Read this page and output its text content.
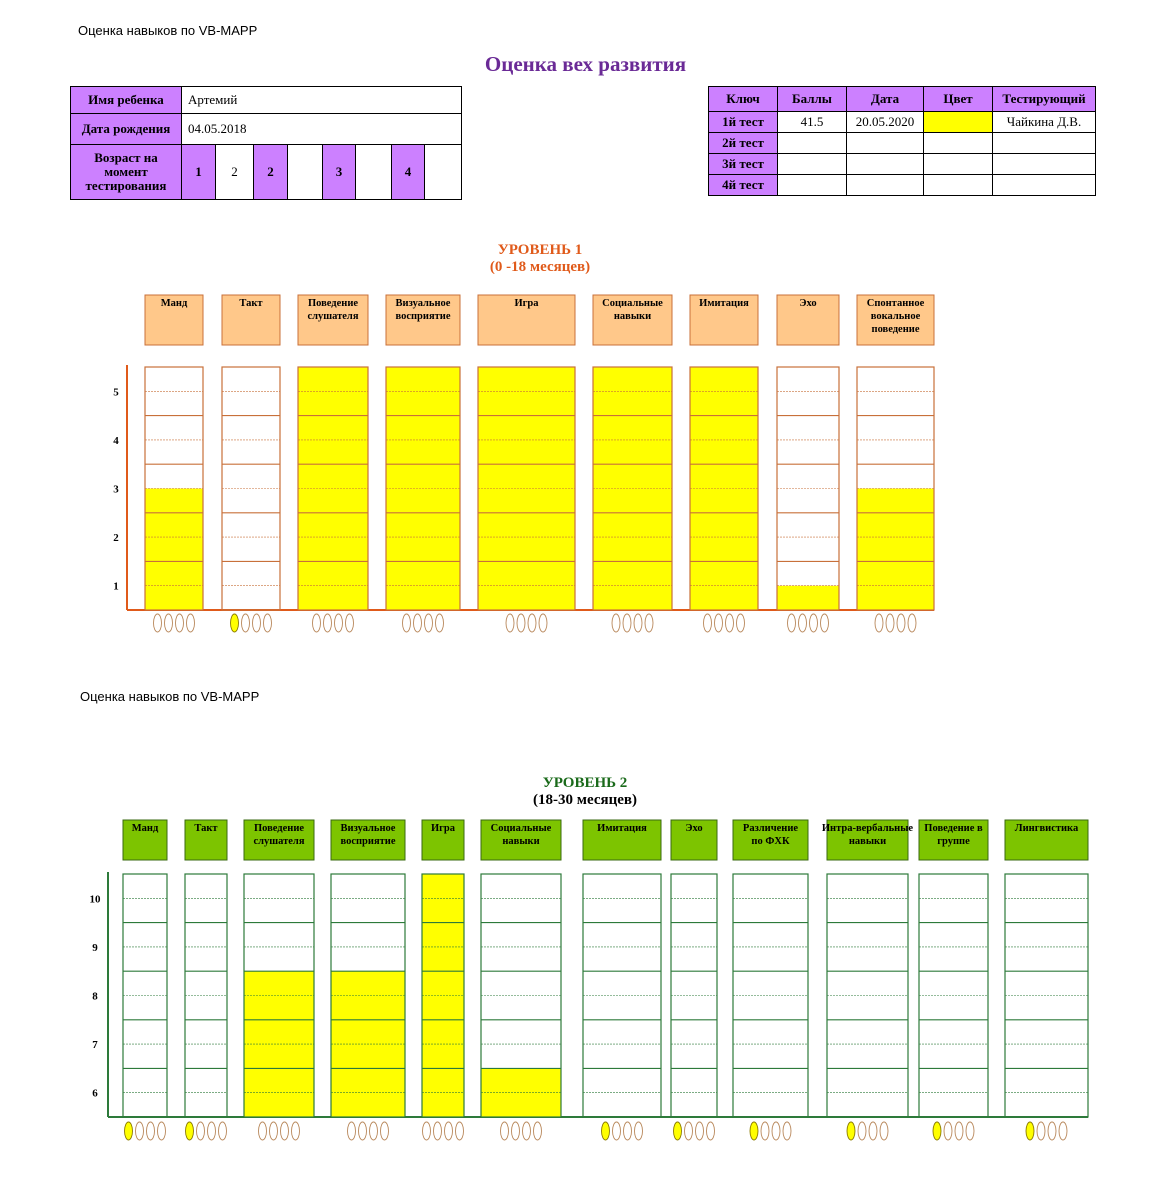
Оценка навыков по VB-MAPP
Оценка вех развития
Имя ребенка	Артемий							
Дата рождения	04.05.2018							
Возраст на момент тестирования	1	2	2		3		4	
Ключ	Баллы	Дата	Цвет	Тестирующий
1й тест	41.5	20.05.2020		Чайкина Д.В.
2й тест				
3й тест				
4й тест				
УРОВЕНЬ 1
(0 -18 месяцев)
Оценка навыков по VB-MAPP
УРОВЕНЬ 2
(18-30 месяцев)
5
4
3
2
1
Манд	Такт	Поведение
слушателя
Визуальное
восприятие
Игра	Социальные
навыки
Имитация	Эхо	Спонтанное
вокальное
поведение
10
9
8
7
6
Манд	Такт	Поведение
слушателя
Визуальное
восприятие
Игра	Социальные
навыки
Имитация	Эхо	Различение
по ФХК
Интра-вербальные
навыки
Поведение в
группе
Лингвистика
